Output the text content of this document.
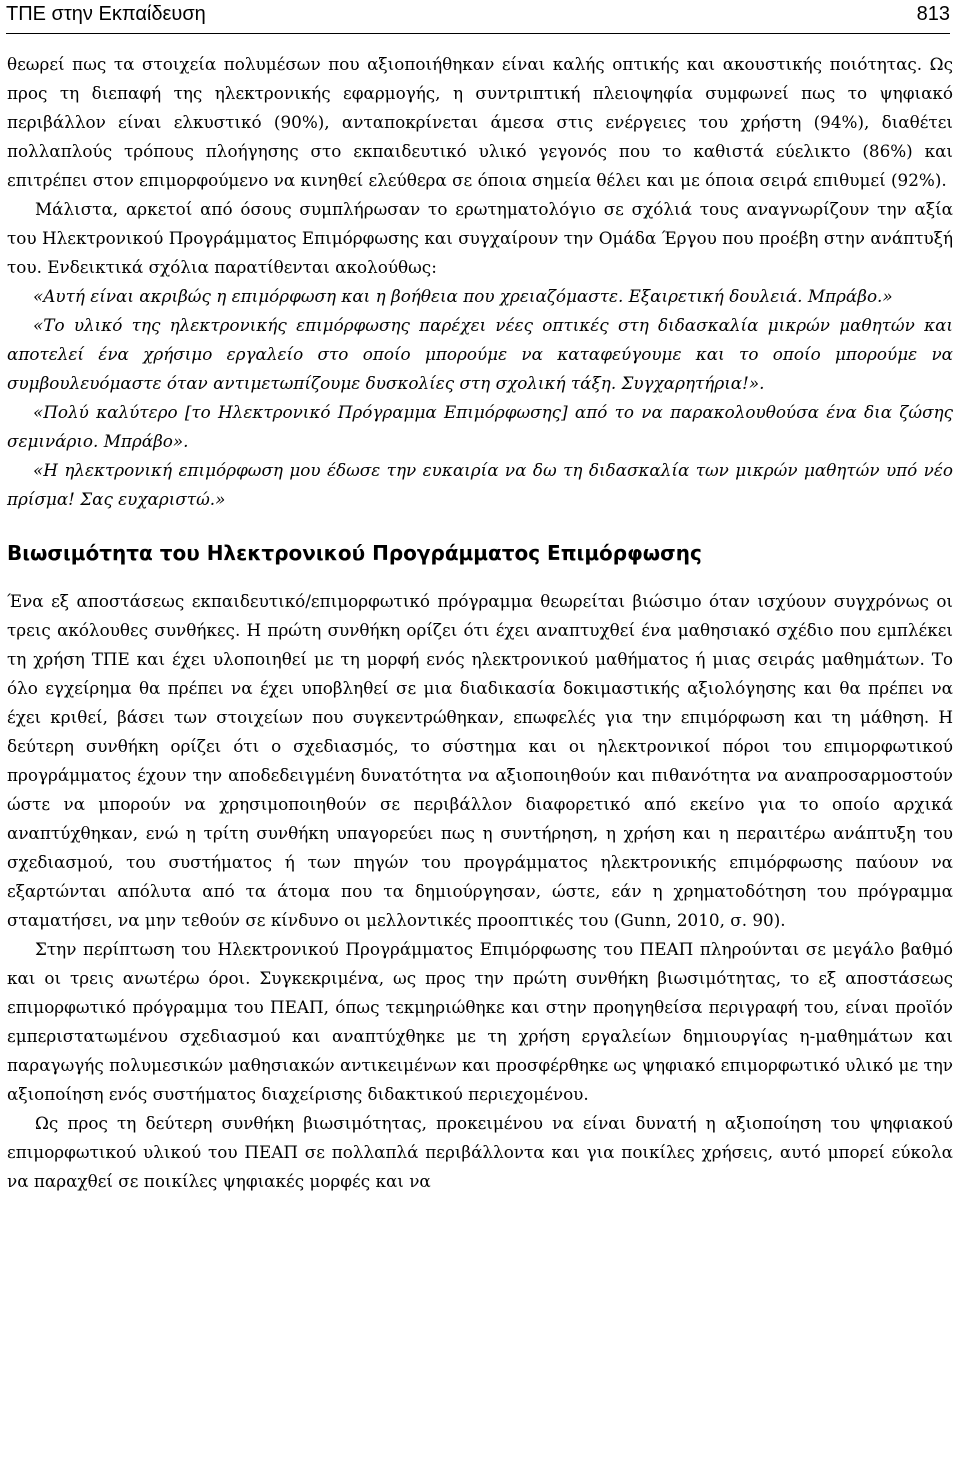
ΤΠΕ στην Εκπαίδευση	813

θεωρεί πως τα στοιχεία πολυμέσων που αξιοποιήθηκαν είναι καλής οπτικής και ακουστικής ποιότητας. Ως προς τη διεπαφή της ηλεκτρονικής εφαρμογής, η συντριπτική πλειοψηφία συμφωνεί πως το ψηφιακό περιβάλλον είναι ελκυστικό (90%), ανταποκρίνεται άμεσα στις ενέργειες του χρήστη (94%), διαθέτει πολλαπλούς τρόπους πλοήγησης στο εκπαιδευτικό υλικό γεγονός που το καθιστά εύελικτο (86%) και επιτρέπει στον επιμορφούμενο να κινηθεί ελεύθερα σε όποια σημεία θέλει και με όποια σειρά επιθυμεί (92%).

Μάλιστα, αρκετοί από όσους συμπλήρωσαν το ερωτηματολόγιο σε σχόλιά τους αναγνωρίζουν την αξία του Ηλεκτρονικού Προγράμματος Επιμόρφωσης και συγχαίρουν την Ομάδα Έργου που προέβη στην ανάπτυξή του. Ενδεικτικά σχόλια παρατίθενται ακολούθως:

«Αυτή είναι ακριβώς η επιμόρφωση και η βοήθεια που χρειαζόμαστε. Εξαιρετική δουλειά. Μπράβο.»

«Το υλικό της ηλεκτρονικής επιμόρφωσης παρέχει νέες οπτικές στη διδασκαλία μικρών μαθητών και αποτελεί ένα χρήσιμο εργαλείο στο οποίο μπορούμε να καταφεύγουμε και το οποίο μπορούμε να συμβουλευόμαστε όταν αντιμετωπίζουμε δυσκολίες στη σχολική τάξη. Συγχαρητήρια!».

«Πολύ καλύτερο [το Ηλεκτρονικό Πρόγραμμα Επιμόρφωσης] από το να παρακολουθούσα ένα δια ζώσης σεμινάριο. Μπράβο».

«Η ηλεκτρονική επιμόρφωση μου έδωσε την ευκαιρία να δω τη διδασκαλία των μικρών μαθητών υπό νέο πρίσμα! Σας ευχαριστώ.»

Βιωσιμότητα του Ηλεκτρονικού Προγράμματος Επιμόρφωσης

Ένα εξ αποστάσεως εκπαιδευτικό/επιμορφωτικό πρόγραμμα θεωρείται βιώσιμο όταν ισχύουν συγχρόνως οι τρεις ακόλουθες συνθήκες. Η πρώτη συνθήκη ορίζει ότι έχει αναπτυχθεί ένα μαθησιακό σχέδιο που εμπλέκει τη χρήση ΤΠΕ και έχει υλοποιηθεί με τη μορφή ενός ηλεκτρονικού μαθήματος ή μιας σειράς μαθημάτων. Το όλο εγχείρημα θα πρέπει να έχει υποβληθεί σε μια διαδικασία δοκιμαστικής αξιολόγησης και θα πρέπει να έχει κριθεί, βάσει των στοιχείων που συγκεντρώθηκαν, επωφελές για την επιμόρφωση και τη μάθηση. Η δεύτερη συνθήκη ορίζει ότι ο σχεδιασμός, το σύστημα και οι ηλεκτρονικοί πόροι του επιμορφωτικού προγράμματος έχουν την αποδεδειγμένη δυνατότητα να αξιοποιηθούν και πιθανότητα να αναπροσαρμοστούν ώστε να μπορούν να χρησιμοποιηθούν σε περιβάλλον διαφορετικό από εκείνο για το οποίο αρχικά αναπτύχθηκαν, ενώ η τρίτη συνθήκη υπαγορεύει πως η συντήρηση, η χρήση και η περαιτέρω ανάπτυξη του σχεδιασμού, του συστήματος ή των πηγών του προγράμματος ηλεκτρονικής επιμόρφωσης παύουν να εξαρτώνται απόλυτα από τα άτομα που τα δημιούργησαν, ώστε, εάν η χρηματοδότηση του πρόγραμμα σταματήσει, να μην τεθούν σε κίνδυνο οι μελλοντικές προοπτικές του (Gunn, 2010, σ. 90).

Στην περίπτωση του Ηλεκτρονικού Προγράμματος Επιμόρφωσης του ΠΕΑΠ πληρούνται σε μεγάλο βαθμό και οι τρεις ανωτέρω όροι. Συγκεκριμένα, ως προς την πρώτη συνθήκη βιωσιμότητας, το εξ αποστάσεως επιμορφωτικό πρόγραμμα του ΠΕΑΠ, όπως τεκμηριώθηκε και στην προηγηθείσα περιγραφή του, είναι προϊόν εμπεριστατωμένου σχεδιασμού και αναπτύχθηκε με τη χρήση εργαλείων δημιουργίας η-μαθημάτων και παραγωγής πολυμεσικών μαθησιακών αντικειμένων και προσφέρθηκε ως ψηφιακό επιμορφωτικό υλικό με την αξιοποίηση ενός συστήματος διαχείρισης διδακτικού περιεχομένου.

Ως προς τη δεύτερη συνθήκη βιωσιμότητας, προκειμένου να είναι δυνατή η αξιοποίηση του ψηφιακού επιμορφωτικού υλικού του ΠΕΑΠ σε πολλαπλά περιβάλλοντα και για ποικίλες χρήσεις, αυτό μπορεί εύκολα να παραχθεί σε ποικίλες ψηφιακές μορφές και να
